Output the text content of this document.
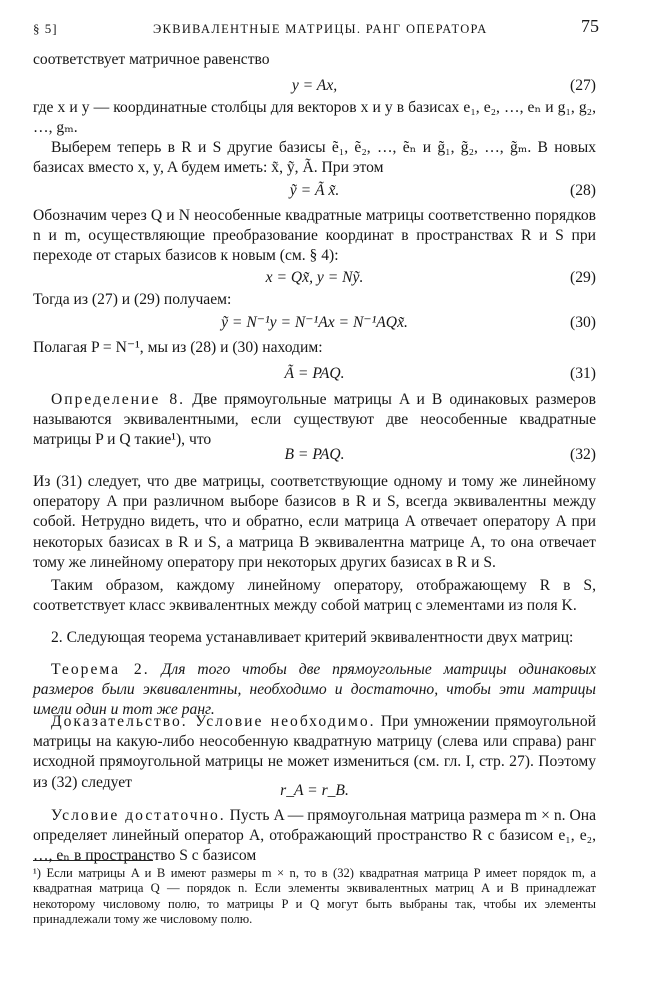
§ 5]	ЭКВИВАЛЕНТНЫЕ МАТРИЦЫ. РАНГ ОПЕРАТОРА	75

соответствует матричное равенство

y = Ax,	(27)

где x и y — координатные столбцы для векторов x и y в базисах e₁, e₂, …, eₙ и g₁, g₂, …, gₘ.

Выберем теперь в R и S другие базисы ẽ₁, ẽ₂, …, ẽₙ и g̃₁, g̃₂, …, g̃ₘ. В новых базисах вместо x, y, A будем иметь: x̃, ỹ, Ã. При этом

ỹ = Ã x̃.	(28)

Обозначим через Q и N неособенные квадратные матрицы соответственно порядков n и m, осуществляющие преобразование координат в пространствах R и S при переходе от старых базисов к новым (см. § 4):

x = Qx̃, y = Nỹ.	(29)

Тогда из (27) и (29) получаем:

ỹ = N⁻¹y = N⁻¹Ax = N⁻¹AQx̃.	(30)

Полагая P = N⁻¹, мы из (28) и (30) находим:

Ã = PAQ.	(31)

Определение 8. Две прямоугольные матрицы A и B одинаковых размеров называются эквивалентными, если существуют две неособенные квадратные матрицы P и Q такие¹), что

B = PAQ.	(32)

Из (31) следует, что две матрицы, соответствующие одному и тому же линейному оператору A при различном выборе базисов в R и S, всегда эквивалентны между собой. Нетрудно видеть, что и обратно, если матрица A отвечает оператору A при некоторых базисах в R и S, а матрица B эквивалентна матрице A, то она отвечает тому же линейному оператору при некоторых других базисах в R и S.

Таким образом, каждому линейному оператору, отображающему R в S, соответствует класс эквивалентных между собой матриц с элементами из поля K.

2. Следующая теорема устанавливает критерий эквивалентности двух матриц:

Теорема 2. Для того чтобы две прямоугольные матрицы одинаковых размеров были эквивалентны, необходимо и достаточно, чтобы эти матрицы имели один и тот же ранг.

Доказательство. Условие необходимо. При умножении прямоугольной матрицы на какую-либо неособенную квадратную матрицу (слева или справа) ранг исходной прямоугольной матрицы не может измениться (см. гл. I, стр. 27). Поэтому из (32) следует	r_A = r_B.

Условие достаточно. Пусть A — прямоугольная матрица размера m × n. Она определяет линейный оператор A, отображающий пространство R с базисом e₁, e₂, …, eₙ в пространство S с базисом

¹) Если матрицы A и B имеют размеры m × n, то в (32) квадратная матрица P имеет порядок m, а квадратная матрица Q — порядок n. Если элементы эквивалентных матриц A и B принадлежат некоторому числовому полю, то матрицы P и Q могут быть выбраны так, чтобы их элементы принадлежали тому же числовому полю.
